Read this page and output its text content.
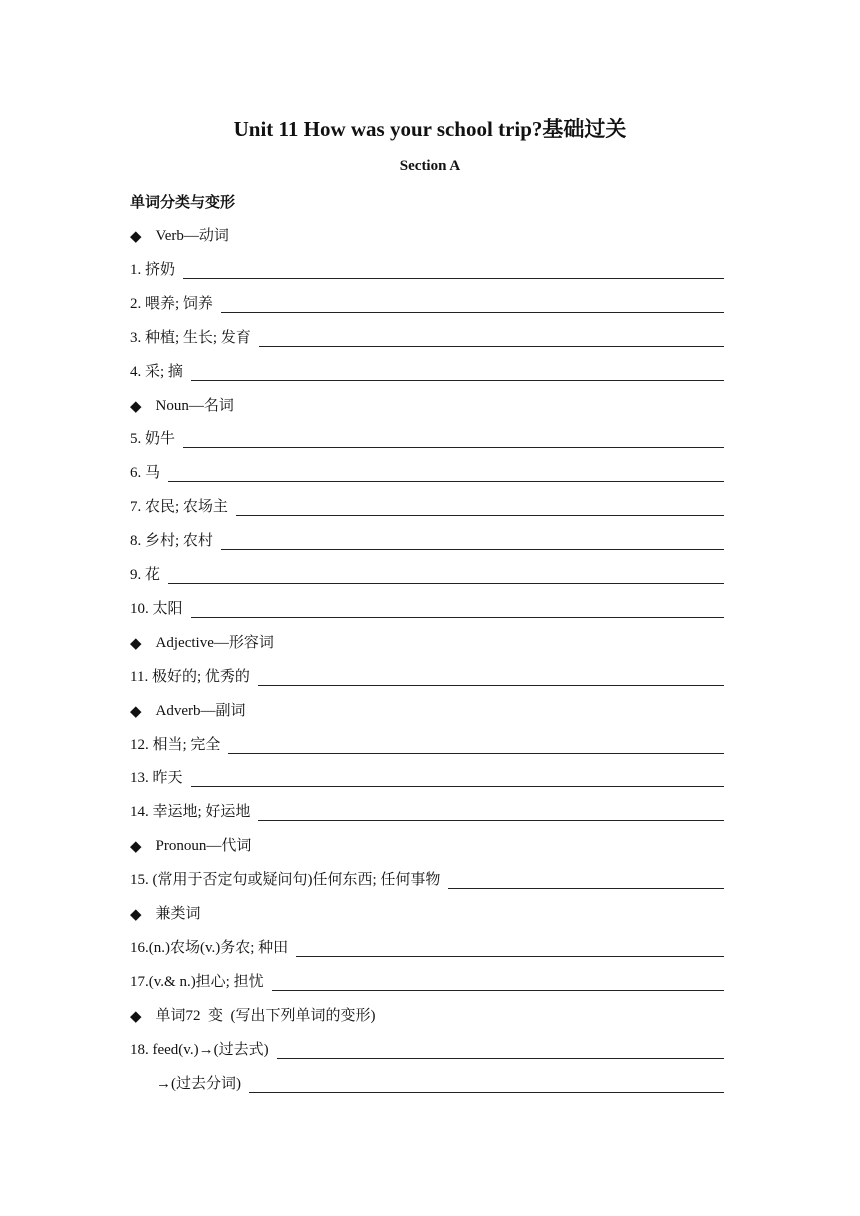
Unit 11 How was your school trip?基础过关
Section A
单词分类与变形
◆ Verb—动词
1. 挤奶
2. 喂养; 饲养
3. 种植; 生长; 发育
4. 采; 摘
◆ Noun—名词
5. 奶牛
6. 马
7. 农民; 农场主
8. 乡村; 农村
9. 花
10. 太阳
◆ Adjective—形容词
11. 极好的; 优秀的
◆ Adverb—副词
12. 相当; 完全
13. 昨天
14. 幸运地; 好运地
◆ Pronoun—代词
15. (常用于否定句或疑问句)任何东西; 任何事物
◆ 兼类词
16. (n.)农场(v.)务农; 种田
17. (v.& n.)担心; 担忧
◆ 单词72  变  (写出下列单词的变形)
18. feed(v.)→(过去式)
→(过去分词)
